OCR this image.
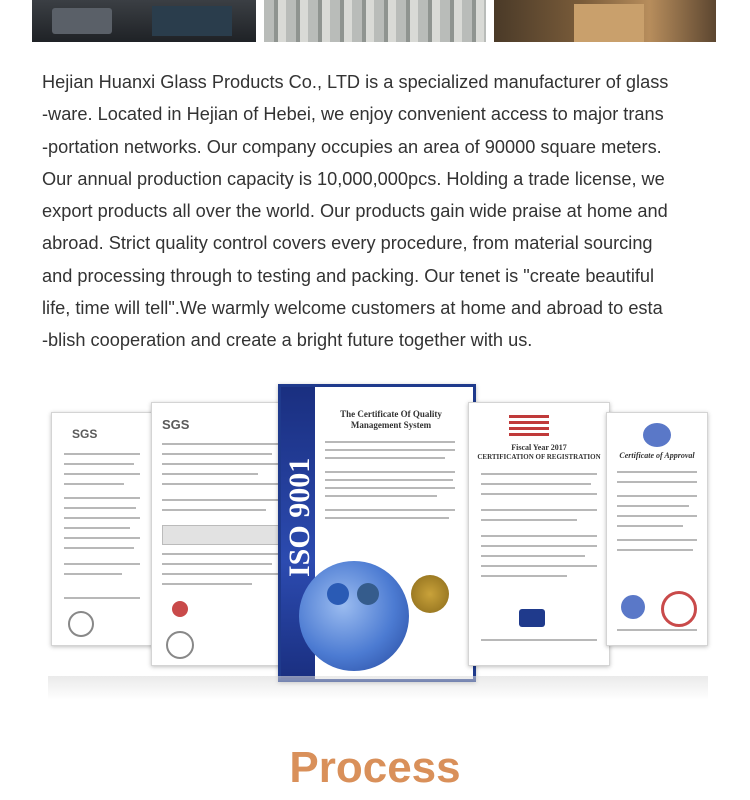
Hejian Huanxi Glass Products Co., LTD is a specialized manufacturer of glass
-ware. Located in Hejian of Hebei, we enjoy convenient access to major trans
-portation networks. Our company occupies an area of 90000 square meters.
Our annual production capacity is 10,000,000pcs. Holding a trade license, we
export products all over the world. Our products gain wide praise at home and
abroad. Strict quality control covers every procedure, from material sourcing
and processing through to testing and packing. Our tenet is "create beautiful
life, time will tell".We warmly welcome customers at home and abroad to esta
-blish cooperation and create a bright future together with us.

SGS
SGS
ISO 9001
The Certificate Of Quality Management System
Fiscal Year 2017
CERTIFICATION OF REGISTRATION	Certificate of Approval
Process
